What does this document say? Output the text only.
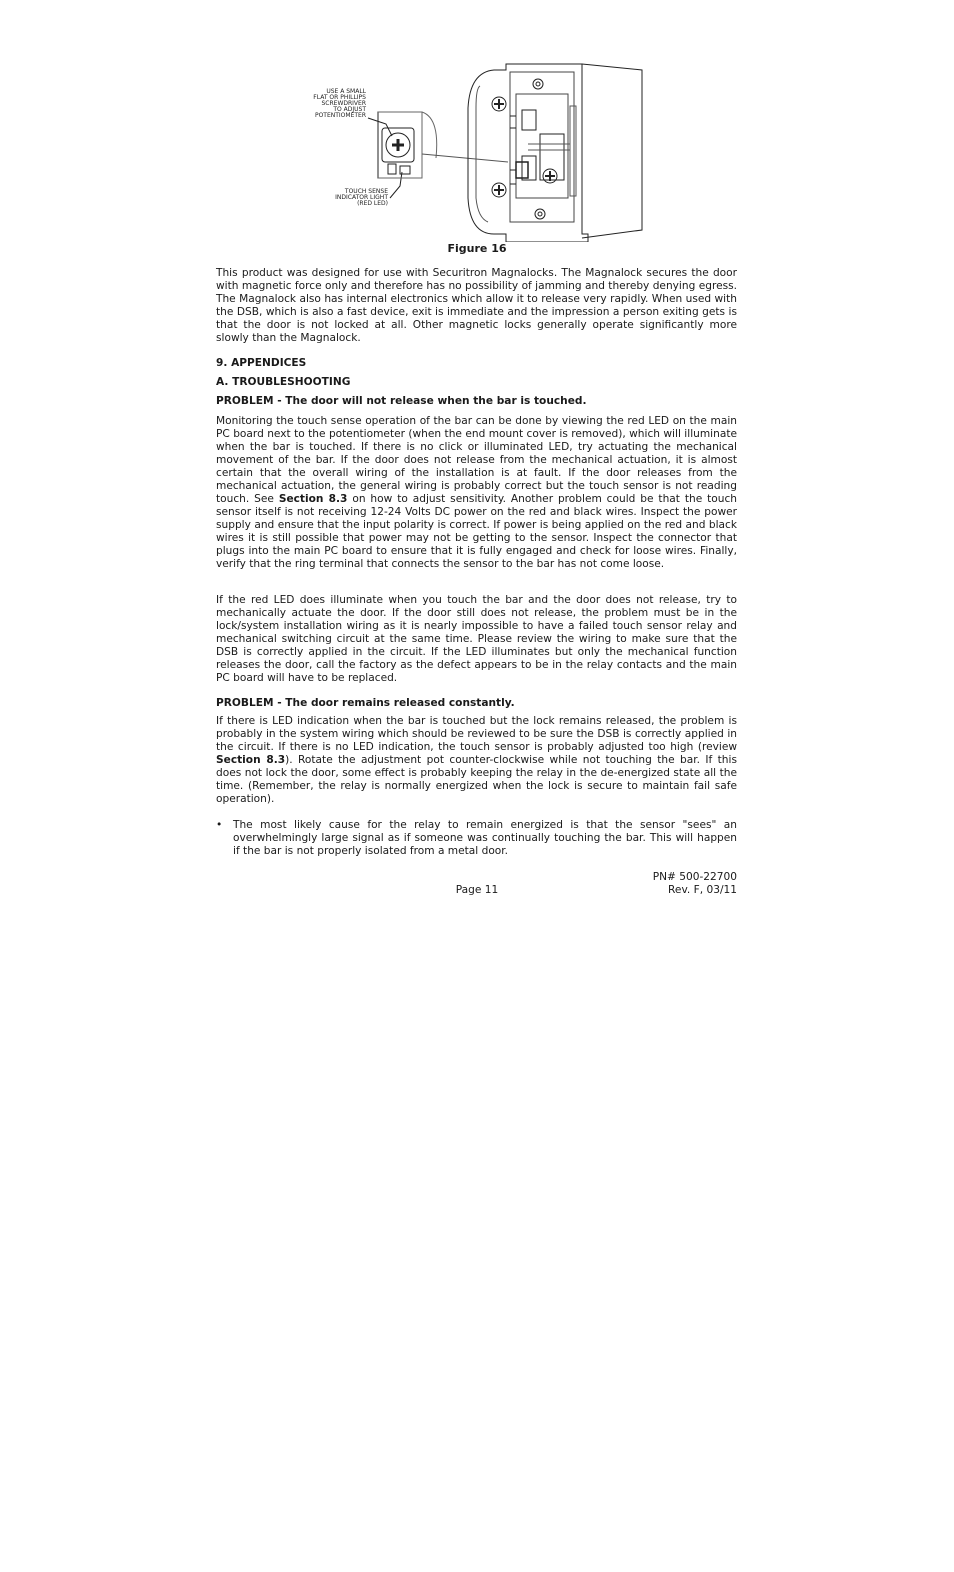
USE A SMALL
FLAT OR PHILLIPS
SCREWDRIVER
TO ADJUST
POTENTIOMETER
TOUCH SENSE
INDICATOR LIGHT
(RED LED)
Figure 16

This product was designed for use with Securitron Magnalocks. The Magnalock secures the door with magnetic force only and therefore has no possibility of jamming and thereby denying egress. The Magnalock also has internal electronics which allow it to release very rapidly. When used with the DSB, which is also a fast device, exit is immediate and the impression a person exiting gets is that the door is not locked at all. Other magnetic locks generally operate significantly more slowly than the Magnalock.

9. APPENDICES

A. TROUBLESHOOTING

PROBLEM - The door will not release when the bar is touched.

Monitoring the touch sense operation of the bar can be done by viewing the red LED on the main PC board next to the potentiometer (when the end mount cover is removed), which will illuminate when the bar is touched. If there is no click or illuminated LED, try actuating the mechanical movement of the bar. If the door does not release from the mechanical actuation, it is almost certain that the overall wiring of the installation is at fault. If the door releases from the mechanical actuation, the general wiring is probably correct but the touch sensor is not reading touch. See Section 8.3 on how to adjust sensitivity. Another problem could be that the touch sensor itself is not receiving 12-24 Volts DC power on the red and black wires. Inspect the power supply and ensure that the input polarity is correct. If power is being applied on the red and black wires it is still possible that power may not be getting to the sensor. Inspect the connector that plugs into the main PC board to ensure that it is fully engaged and check for loose wires. Finally, verify that the ring terminal that connects the sensor to the bar has not come loose.

If the red LED does illuminate when you touch the bar and the door does not release, try to mechanically actuate the door. If the door still does not release, the problem must be in the lock/system installation wiring as it is nearly impossible to have a failed touch sensor relay and mechanical switching circuit at the same time. Please review the wiring to make sure that the DSB is correctly applied in the circuit. If the LED illuminates but only the mechanical function releases the door, call the factory as the defect appears to be in the relay contacts and the main PC board will have to be replaced.

PROBLEM - The door remains released constantly.

If there is LED indication when the bar is touched but the lock remains released, the problem is probably in the system wiring which should be reviewed to be sure the DSB is correctly applied in the circuit. If there is no LED indication, the touch sensor is probably adjusted too high (review Section 8.3). Rotate the adjustment pot counter-clockwise while not touching the bar. If this does not lock the door, some effect is probably keeping the relay in the de-energized state all the time. (Remember, the relay is normally energized when the lock is secure to maintain fail safe operation).

•	The most likely cause for the relay to remain energized is that the sensor "sees" an overwhelmingly large signal as if someone was continually touching the bar. This will happen if the bar is not properly isolated from a metal door.

PN# 500-22700
Page 11	Rev. F, 03/11
